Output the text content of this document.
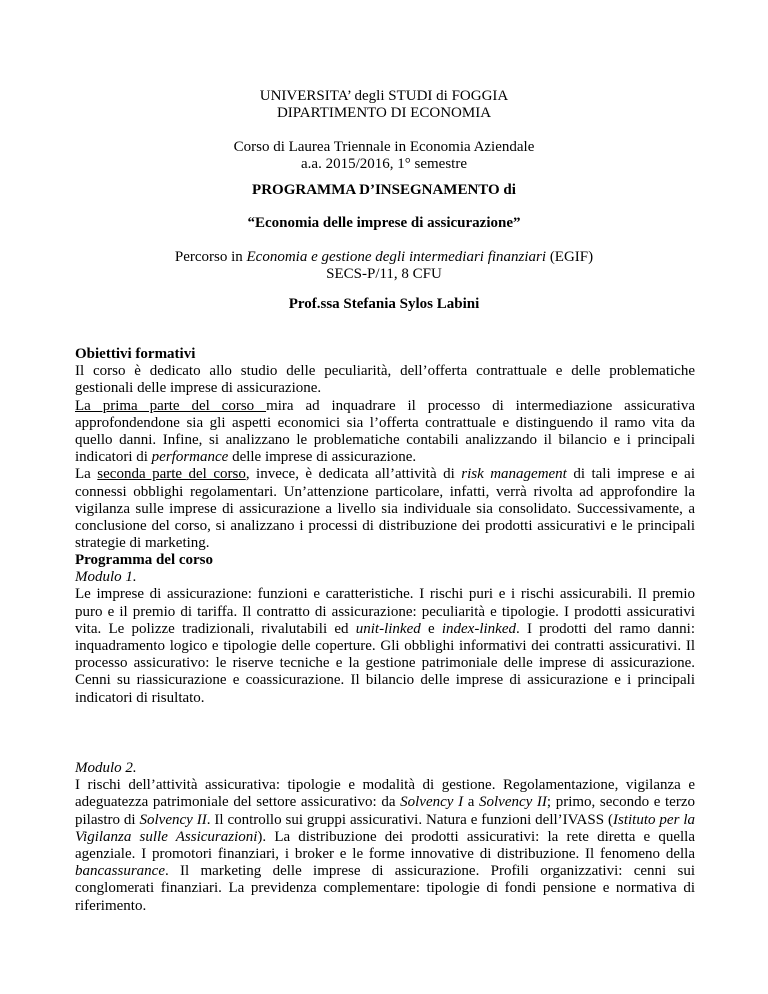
UNIVERSITA’ degli STUDI di FOGGIA
DIPARTIMENTO DI ECONOMIA
Corso di Laurea Triennale in Economia Aziendale
a.a. 2015/2016, 1° semestre
PROGRAMMA D’INSEGNAMENTO di
“Economia delle imprese di assicurazione”
Percorso in Economia e gestione degli intermediari finanziari (EGIF)
SECS-P/11, 8 CFU
Prof.ssa Stefania Sylos Labini
Obiettivi formativi

Il corso è dedicato allo studio delle peculiarità, dell’offerta contrattuale e delle problematiche gestionali delle imprese di assicurazione.

La prima parte del corso mira ad inquadrare il processo di intermediazione assicurativa approfondendone sia gli aspetti economici sia l’offerta contrattuale e distinguendo il ramo vita da quello danni. Infine, si analizzano le problematiche contabili analizzando il bilancio e i principali indicatori di performance delle imprese di assicurazione.

La seconda parte del corso, invece, è dedicata all’attività di risk management di tali imprese e ai connessi obblighi regolamentari. Un’attenzione particolare, infatti, verrà rivolta ad approfondire la vigilanza sulle imprese di assicurazione a livello sia individuale sia consolidato. Successivamente, a conclusione del corso, si analizzano i processi di distribuzione dei prodotti assicurativi e le principali strategie di marketing.

Programma del corso

Modulo 1.

Le imprese di assicurazione: funzioni e caratteristiche. I rischi puri e i rischi assicurabili. Il premio puro e il premio di tariffa. Il contratto di assicurazione: peculiarità e tipologie. I prodotti assicurativi vita. Le polizze tradizionali, rivalutabili ed unit-linked e index-linked. I prodotti del ramo danni: inquadramento logico e tipologie delle coperture. Gli obblighi informativi dei contratti assicurativi. Il processo assicurativo: le riserve tecniche e la gestione patrimoniale delle imprese di assicurazione. Cenni su riassicurazione e coassicurazione. Il bilancio delle imprese di assicurazione e i principali indicatori di risultato.

Modulo 2.

I rischi dell’attività assicurativa: tipologie e modalità di gestione. Regolamentazione, vigilanza e adeguatezza patrimoniale del settore assicurativo: da Solvency I a Solvency II; primo, secondo e terzo pilastro di Solvency II. Il controllo sui gruppi assicurativi. Natura e funzioni dell’IVASS (Istituto per la Vigilanza sulle Assicurazioni). La distribuzione dei prodotti assicurativi: la rete diretta e quella agenziale. I promotori finanziari, i broker e le forme innovative di distribuzione. Il fenomeno della bancassurance. Il marketing delle imprese di assicurazione. Profili organizzativi: cenni sui conglomerati finanziari. La previdenza complementare: tipologie di fondi pensione e normativa di riferimento.
